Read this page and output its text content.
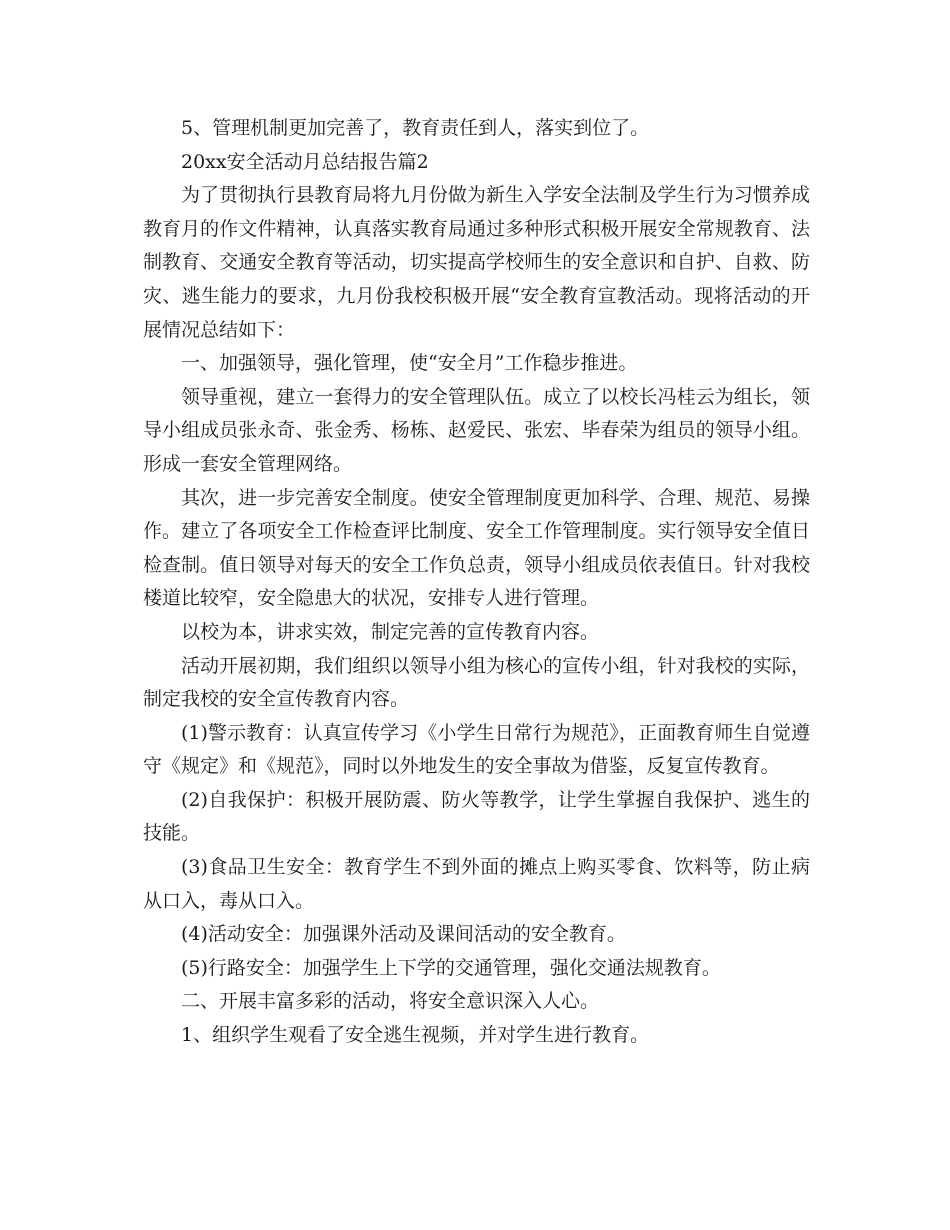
5、管理机制更加完善了，教育责任到人，落实到位了。

20xx安全活动月总结报告篇2

为了贯彻执行县教育局将九月份做为新生入学安全法制及学生行为习惯养成教育月的作文件精神，认真落实教育局通过多种形式积极开展安全常规教育、法制教育、交通安全教育等活动，切实提高学校师生的安全意识和自护、自救、防灾、逃生能力的要求，九月份我校积极开展“安全教育宣教活动。现将活动的开展情况总结如下：

一、加强领导，强化管理，使“安全月”工作稳步推进。

领导重视，建立一套得力的安全管理队伍。成立了以校长冯桂云为组长，领导小组成员张永奇、张金秀、杨栋、赵爱民、张宏、毕春荣为组员的领导小组。形成一套安全管理网络。

其次，进一步完善安全制度。使安全管理制度更加科学、合理、规范、易操作。建立了各项安全工作检查评比制度、安全工作管理制度。实行领导安全值日检查制。值日领导对每天的安全工作负总责，领导小组成员依表值日。针对我校楼道比较窄，安全隐患大的状况，安排专人进行管理。

以校为本，讲求实效，制定完善的宣传教育内容。

活动开展初期，我们组织以领导小组为核心的宣传小组，针对我校的实际，制定我校的安全宣传教育内容。

(1)警示教育：认真宣传学习《小学生日常行为规范》，正面教育师生自觉遵守《规定》和《规范》，同时以外地发生的安全事故为借鉴，反复宣传教育。

(2)自我保护：积极开展防震、防火等教学，让学生掌握自我保护、逃生的技能。

(3)食品卫生安全：教育学生不到外面的摊点上购买零食、饮料等，防止病从口入，毒从口入。

(4)活动安全：加强课外活动及课间活动的安全教育。

(5)行路安全：加强学生上下学的交通管理，强化交通法规教育。

二、开展丰富多彩的活动，将安全意识深入人心。

1、组织学生观看了安全逃生视频，并对学生进行教育。
